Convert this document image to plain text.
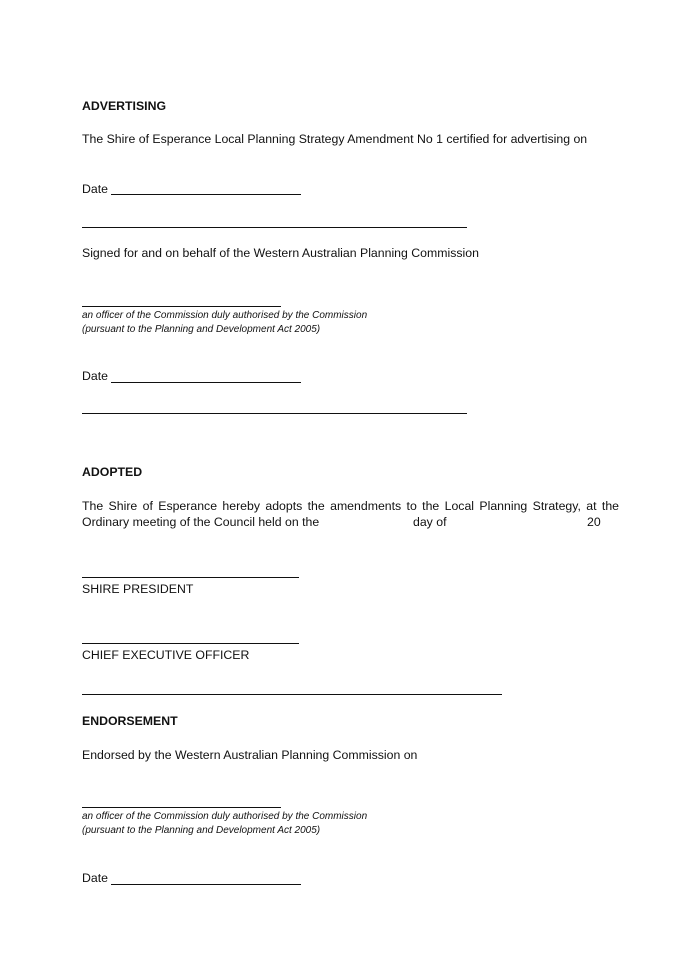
ADVERTISING
The Shire of Esperance Local Planning Strategy Amendment No 1 certified for advertising on
Date
Signed for and on behalf of the Western Australian Planning Commission
an officer of the Commission duly authorised by the Commission
(pursuant to the Planning and Development Act 2005)
Date
ADOPTED
The Shire of Esperance hereby adopts the amendments to the Local Planning Strategy, at the
Ordinary meeting of the Council held on the	day of	20
SHIRE PRESIDENT
CHIEF EXECUTIVE OFFICER
ENDORSEMENT
Endorsed by the Western Australian Planning Commission on
an officer of the Commission duly authorised by the Commission
(pursuant to the Planning and Development Act 2005)
Date
